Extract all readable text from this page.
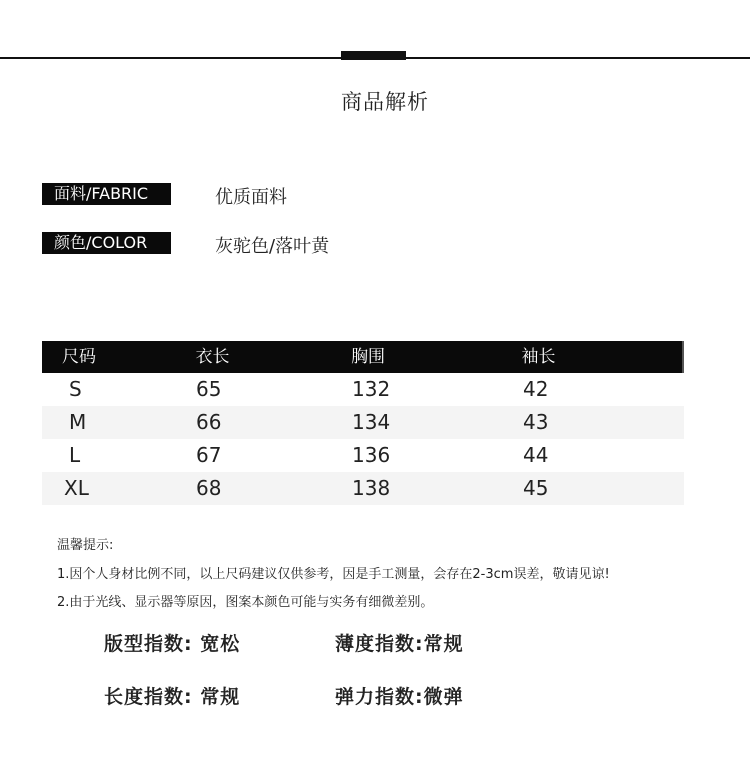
商品解析
面料/FABRIC	优质面料
颜色/COLOR	灰驼色/落叶黄
尺码	衣长	胸围	袖长
S	65	132	42
M	66	134	43
L	67	136	44
XL	68	138	45
温馨提示:
1.因个人身材比例不同，以上尺码建议仅供参考，因是手工测量，会存在2-3cm误差，敬请见谅!
2.由于光线、显示器等原因，图案本颜色可能与实务有细微差别。
版型指数: 宽松	薄度指数:常规
长度指数: 常规	弹力指数:微弹
